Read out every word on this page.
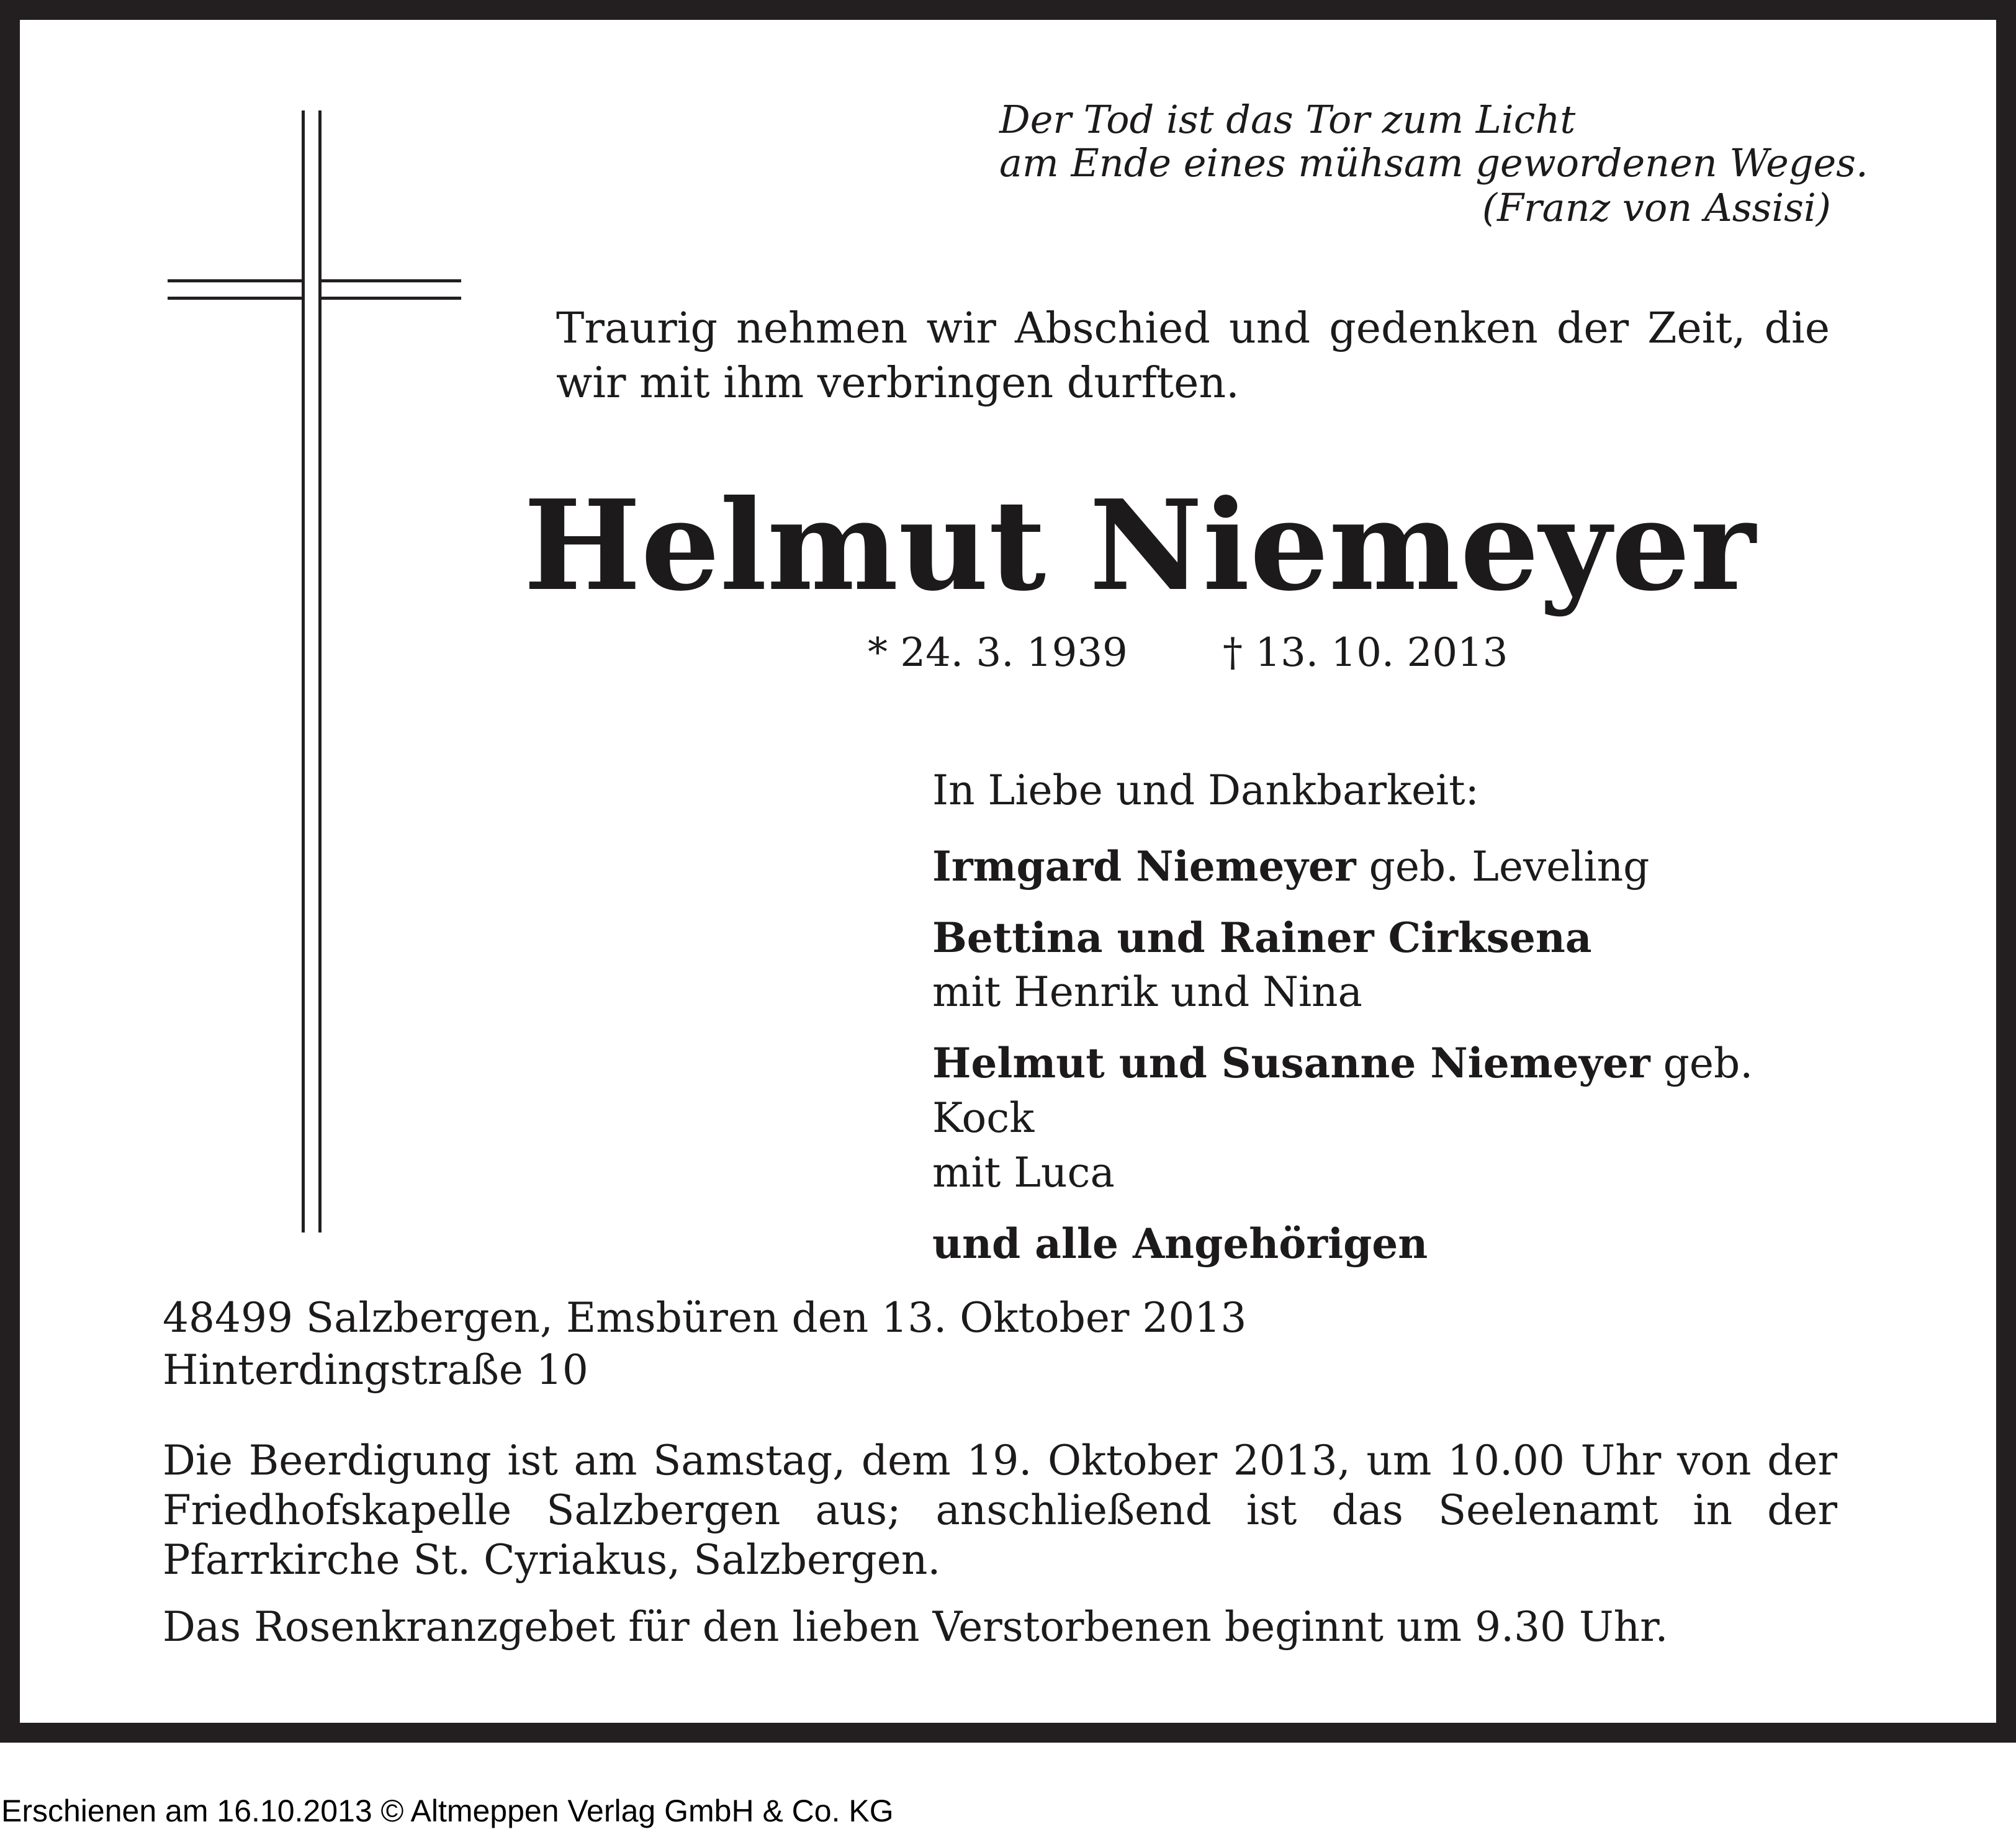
Der Tod ist das Tor zum Licht
am Ende eines mühsam gewordenen Weges.
(Franz von Assisi)
Traurig nehmen wir Abschied und gedenken der Zeit, die wir mit ihm verbringen durften.
Helmut Niemeyer
* 24. 3. 1939 † 13. 10. 2013
In Liebe und Dankbarkeit:
Irmgard Niemeyer geb. Leveling
Bettina und Rainer Cirksena
mit Henrik und Nina
Helmut und Susanne Niemeyer geb. Kock
mit Luca
und alle Angehörigen
48499 Salzbergen, Emsbüren den 13. Oktober 2013
Hinterdingstraße 10
Die Beerdigung ist am Samstag, dem 19. Oktober 2013, um 10.00 Uhr von der Friedhofskapelle Salzbergen aus; anschließend ist das Seelenamt in der Pfarrkirche St. Cyriakus, Salzbergen.
Das Rosenkranzgebet für den lieben Verstorbenen beginnt um 9.30 Uhr.
Erschienen am 16.10.2013 © Altmeppen Verlag GmbH & Co. KG
